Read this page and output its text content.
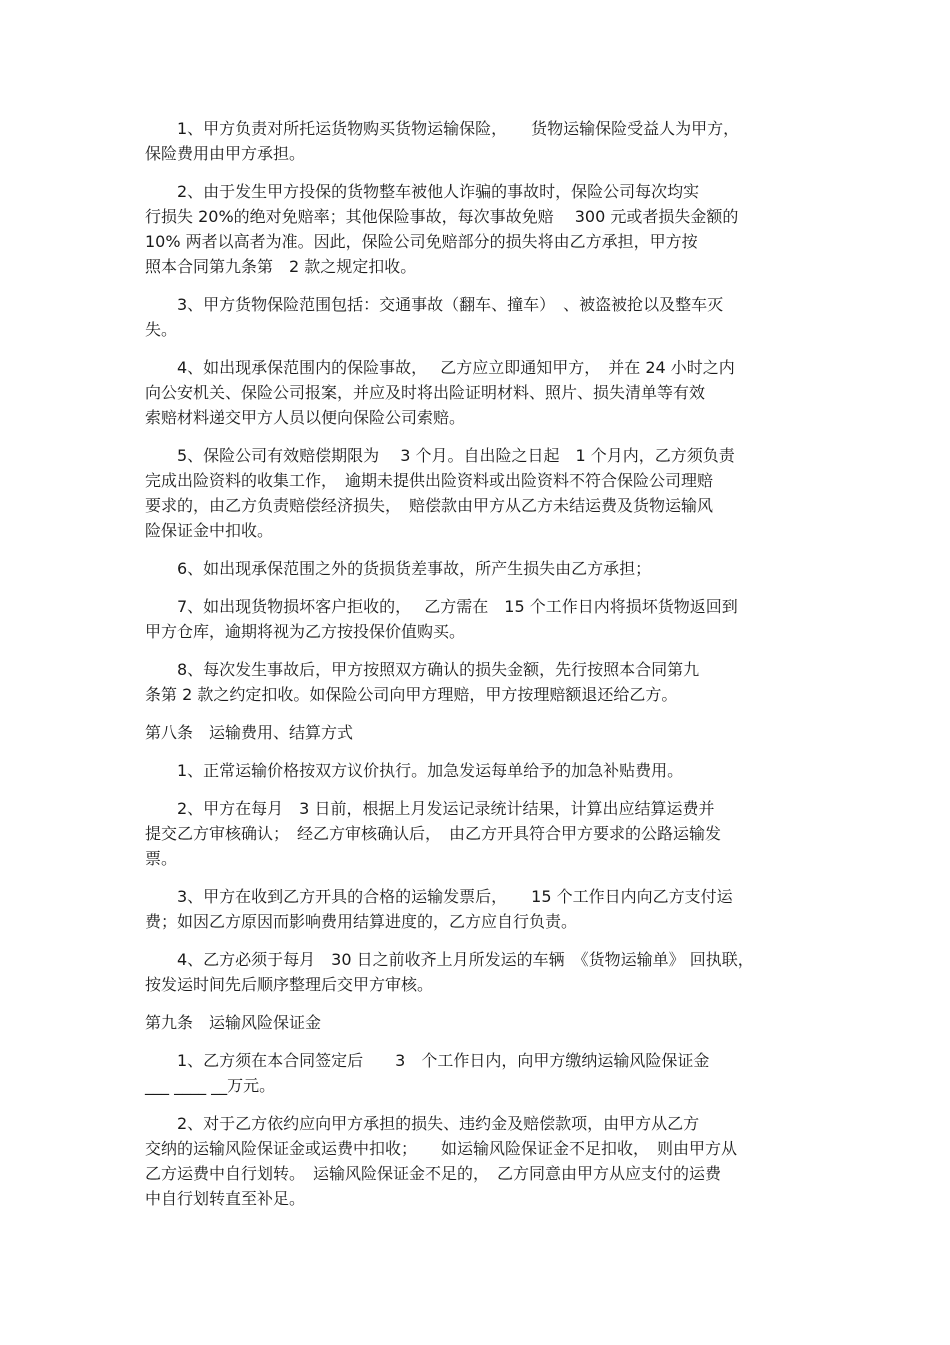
1、甲方负责对所托运货物购买货物运输保险，　　货物运输保险受益人为甲方，
保险费用由甲方承担。

2、由于发生甲方投保的货物整车被他人诈骗的事故时，保险公司每次均实
行损失 20%的绝对免赔率；其他保险事故，每次事故免赔　 300 元或者损失金额的
10% 两者以高者为准。因此，保险公司免赔部分的损失将由乙方承担，甲方按
照本合同第九条第　2 款之规定扣收。

3、甲方货物保险范围包括：交通事故（翻车、撞车）　、被盗被抢以及整车灭
失。

4、如出现承保范围内的保险事故，　 乙方应立即通知甲方，　并在 24 小时之内
向公安机关、保险公司报案，并应及时将出险证明材料、照片、损失清单等有效
索赔材料递交甲方人员以便向保险公司索赔。

5、保险公司有效赔偿期限为　 3 个月。自出险之日起　1 个月内，乙方须负责
完成出险资料的收集工作，　逾期未提供出险资料或出险资料不符合保险公司理赔
要求的，由乙方负责赔偿经济损失，　赔偿款由甲方从乙方未结运费及货物运输风
险保证金中扣收。

6、如出现承保范围之外的货损货差事故，所产生损失由乙方承担；

7、如出现货物损坏客户拒收的，　 乙方需在　15 个工作日内将损坏货物返回到
甲方仓库，逾期将视为乙方按投保价值购买。

8、每次发生事故后，甲方按照双方确认的损失金额，先行按照本合同第九
条第 2 款之约定扣收。如保险公司向甲方理赔，甲方按理赔额退还给乙方。

第八条　运输费用、结算方式

1、正常运输价格按双方议价执行。加急发运每单给予的加急补贴费用。

2、甲方在每月　3 日前，根据上月发运记录统计结果，计算出应结算运费并
提交乙方审核确认；　经乙方审核确认后，　由乙方开具符合甲方要求的公路运输发
票。

3、甲方在收到乙方开具的合格的运输发票后，　　15 个工作日内向乙方支付运
费；如因乙方原因而影响费用结算进度的，乙方应自行负责。

4、乙方必须于每月　30 日之前收齐上月所发运的车辆　《货物运输单》 回执联，
按发运时间先后顺序整理后交甲方审核。

第九条　运输风险保证金

1、乙方须在本合同签定后　　3　个工作日内，向甲方缴纳运输风险保证金
___ ____ __万元。

2、对于乙方依约应向甲方承担的损失、违约金及赔偿款项，由甲方从乙方
交纳的运输风险保证金或运费中扣收；　　如运输风险保证金不足扣收，　则由甲方从
乙方运费中自行划转。　运输风险保证金不足的，　乙方同意由甲方从应支付的运费
中自行划转直至补足。
